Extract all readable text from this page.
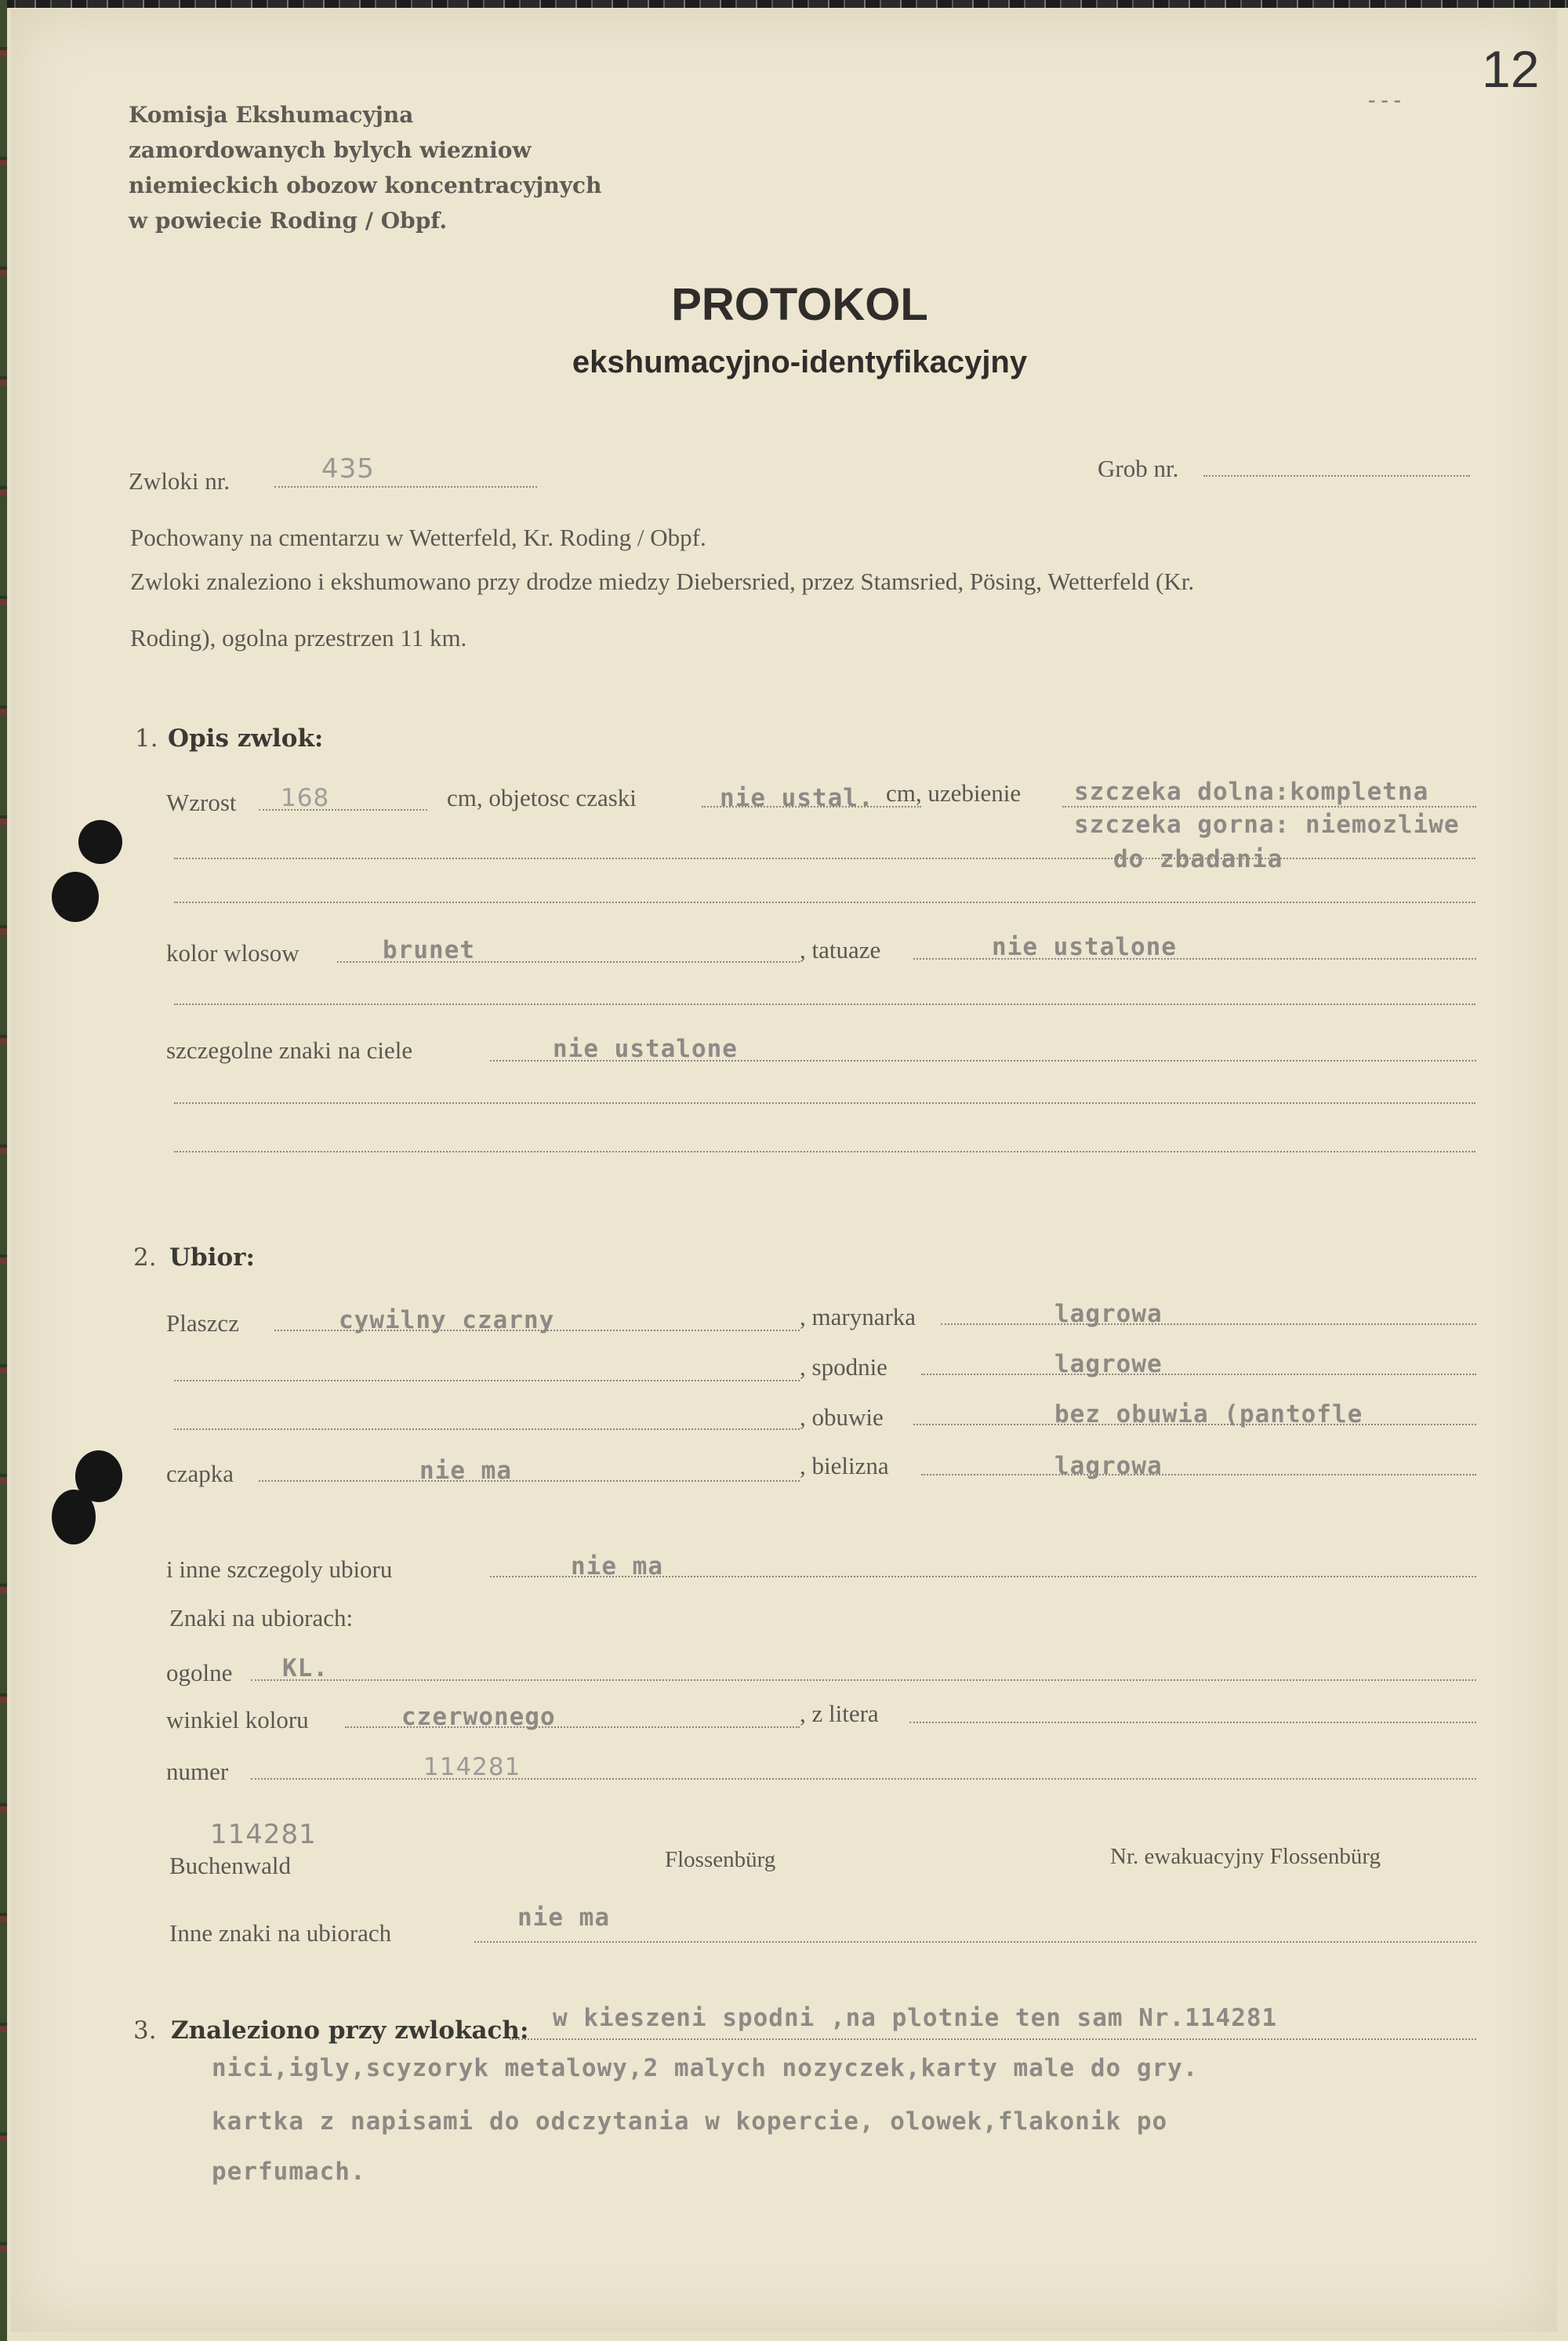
12
- - -
Komisja Ekshumacyjna
zamordowanych bylych wiezniow
niemieckich obozow koncentracyjnych
w powiecie Roding / Obpf.
PROTOKOL
ekshumacyjno-identyfikacyjny
Zwloki nr.	435	Grob nr.
Pochowany na cmentarzu w Wetterfeld, Kr. Roding / Obpf.
Zwloki znaleziono i ekshumowano przy drodze miedzy Diebersried, przez Stamsried, Pösing, Wetterfeld (Kr.
Roding), ogolna przestrzen 11 km.
1. Opis zwlok:
Wzrost 168	cm, objetosc czaski	nie ustal. cm, uzebienie szczeka dolna:kompletna
szczeka gorna: niemozliwe
do zbadania
kolor wlosow	brunet	, tatuaze	nie ustalone
szczegolne znaki na ciele	nie ustalone
2. Ubior:
Plaszcz	cywilny czarny	, marynarka	lagrowa
, spodnie	lagrowe
, obuwie	bez obuwia (pantofle
czapka	nie ma	, bielizna	lagrowa
i inne szczegoly ubioru	nie ma
Znaki na ubiorach:
ogolne KL.
winkiel koloru	czerwonego	, z litera
numer	114281
114281
Buchenwald	Flossenbürg	Nr. ewakuacyjny Flossenbürg
Inne znaki na ubiorach
nie ma
3. Znaleziono przy zwlokach: w kieszeni spodni ,na plotnie ten sam Nr.114281
nici,igly,scyzoryk metalowy,2 malych nozyczek,karty male do gry.
kartka z napisami do odczytania w kopercie, olowek,flakonik po
perfumach.
